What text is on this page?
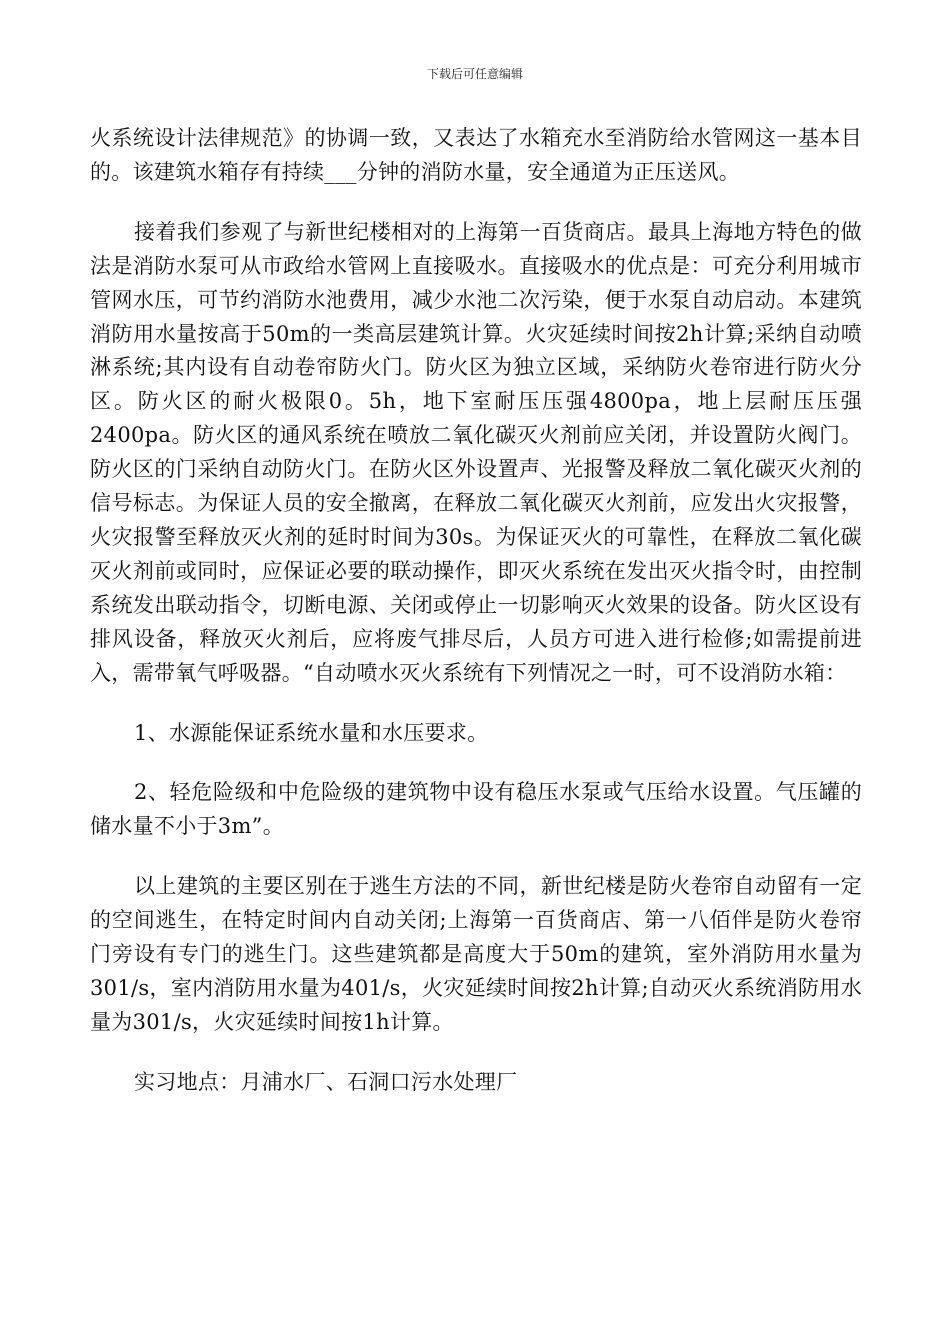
下载后可任意编辑

火系统设计法律规范》的协调一致，又表达了水箱充水至消防给水管网这一基本目的。该建筑水箱存有持续___分钟的消防水量，安全通道为正压送风。

接着我们参观了与新世纪楼相对的上海第一百货商店。最具上海地方特色的做法是消防水泵可从市政给水管网上直接吸水。直接吸水的优点是：可充分利用城市管网水压，可节约消防水池费用，减少水池二次污染，便于水泵自动启动。本建筑消防用水量按高于50m的一类高层建筑计算。火灾延续时间按2h计算;采纳自动喷淋系统;其内设有自动卷帘防火门。防火区为独立区域，采纳防火卷帘进行防火分区。防火区的耐火极限0。5h，地下室耐压压强4800pa，地上层耐压压强2400pa。防火区的通风系统在喷放二氧化碳灭火剂前应关闭，并设置防火阀门。防火区的门采纳自动防火门。在防火区外设置声、光报警及释放二氧化碳灭火剂的信号标志。为保证人员的安全撤离，在释放二氧化碳灭火剂前，应发出火灾报警，火灾报警至释放灭火剂的延时时间为30s。为保证灭火的可靠性，在释放二氧化碳灭火剂前或同时，应保证必要的联动操作，即灭火系统在发出灭火指令时，由控制系统发出联动指令，切断电源、关闭或停止一切影响灭火效果的设备。防火区设有排风设备，释放灭火剂后，应将废气排尽后，人员方可进入进行检修;如需提前进入，需带氧气呼吸器。“自动喷水灭火系统有下列情况之一时，可不设消防水箱：

1、水源能保证系统水量和水压要求。

2、轻危险级和中危险级的建筑物中设有稳压水泵或气压给水设置。气压罐的储水量不小于3m”。

以上建筑的主要区别在于逃生方法的不同，新世纪楼是防火卷帘自动留有一定的空间逃生，在特定时间内自动关闭;上海第一百货商店、第一八佰伴是防火卷帘门旁设有专门的逃生门。这些建筑都是高度大于50m的建筑，室外消防用水量为301/s，室内消防用水量为401/s，火灾延续时间按2h计算;自动灭火系统消防用水量为301/s，火灾延续时间按1h计算。

实习地点：月浦水厂、石洞口污水处理厂
